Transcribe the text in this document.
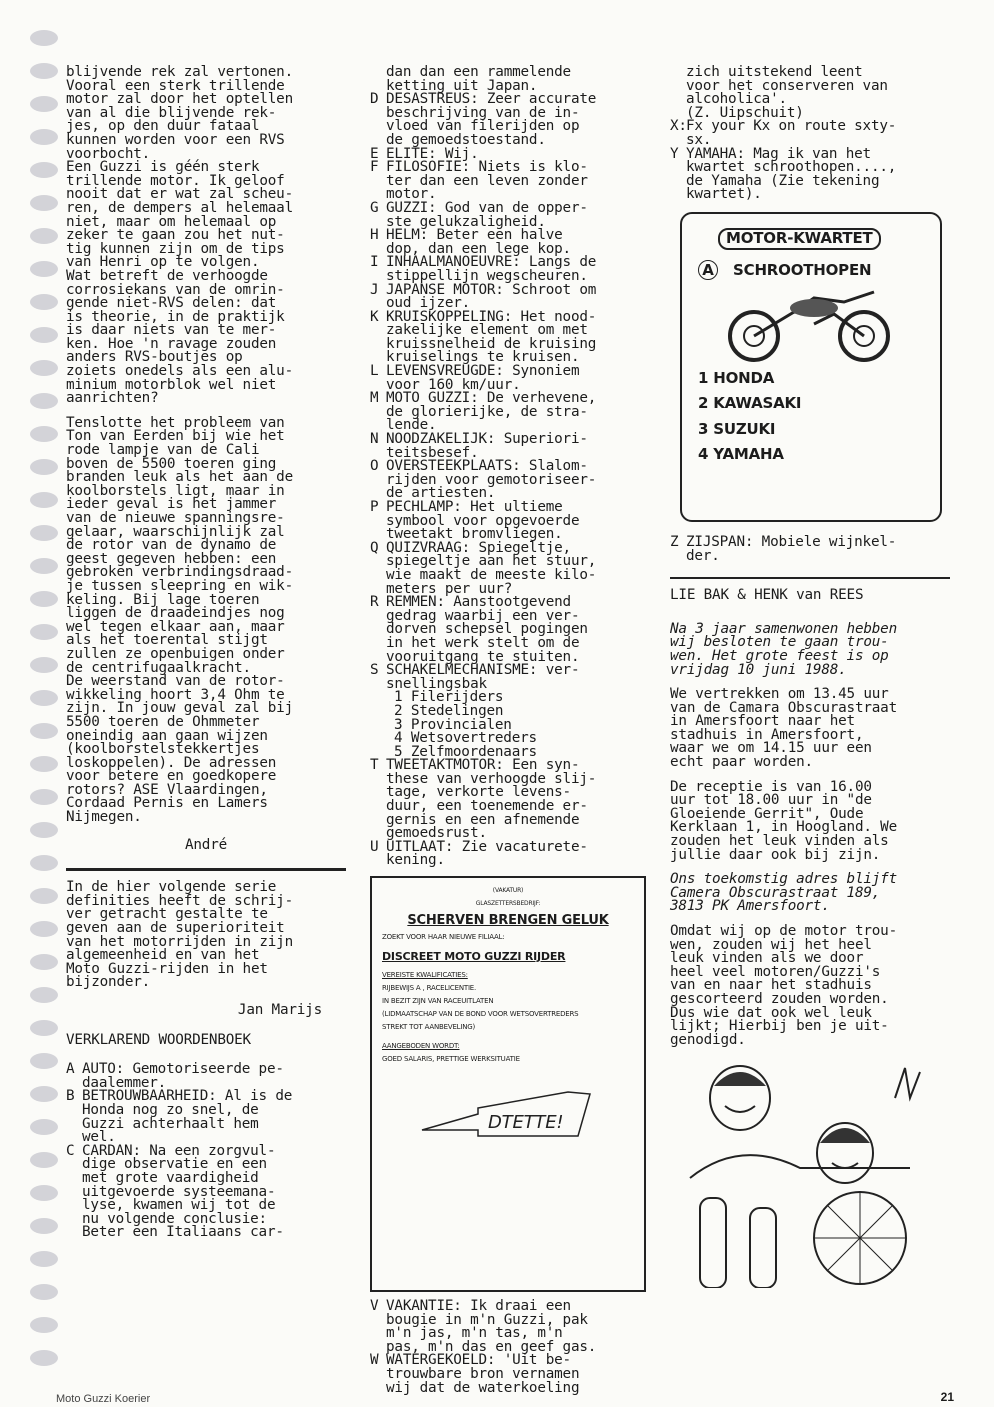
blijvende rek zal vertonen.
Vooral een sterk trillende
motor zal door het optellen
van al die blijvende rek-
jes, op den duur fataal
kunnen worden voor een RVS
voorbocht.
Een Guzzi is géén sterk
trillende motor. Ik geloof
nooit dat er wat zal scheu-
ren, de dempers al helemaal
niet, maar om helemaal op
zeker te gaan zou het nut-
tig kunnen zijn om de tips
van Henri op te volgen.
Wat betreft de verhoogde
corrosiekans van de omrin-
gende niet-RVS delen: dat
is theorie, in de praktijk
is daar niets van te mer-
ken. Hoe 'n ravage zouden
anders RVS-boutjes op
zoiets onedels als een alu-
minium motorblok wel niet
aanrichten?

Tenslotte het probleem van
Ton van Eerden bij wie het
rode lampje van de Cali
boven de 5500 toeren ging
branden leuk als het aan de
koolborstels ligt, maar in
ieder geval is het jammer
van de nieuwe spanningsre-
gelaar, waarschijnlijk zal
de rotor van de dynamo de
geest gegeven hebben: een
gebroken verbrindingsdraad-
je tussen sleepring en wik-
keling. Bij lage toeren
liggen de draadeindjes nog
wel tegen elkaar aan, maar
als het toerental stijgt
zullen ze openbuigen onder
de centrifugaalkracht.
De weerstand van de rotor-
wikkeling hoort 3,4 Ohm te
zijn. In jouw geval zal bij
5500 toeren de Ohmmeter
oneindig aan gaan wijzen
(koolborstelstekkertjes
loskoppelen). De adressen
voor betere en goedkopere
rotors? ASE Vlaardingen,
Cordaad Pernis en Lamers
Nijmegen.

André

In de hier volgende serie
definities heeft de schrij-
ver getracht gestalte te
geven aan de superioriteit
van het motorrijden in zijn
algemeenheid en van het
Moto Guzzi-rijden in het
bijzonder.

Jan Marijs

VERKLAREND WOORDENBOEK

A AUTO: Gemotoriseerde pe-
daalemmer.
B BETROUWBAARHEID: Al is de
Honda nog zo snel, de
Guzzi achterhaalt hem
wel.
C CARDAN: Na een zorgvul-
dige observatie en een
met grote vaardigheid
uitgevoerde systeemana-
lyse, kwamen wij tot de
nu volgende conclusie:
Beter een Italiaans car-
dan dan een rammelende
ketting uit Japan.
D DESASTREUS: Zeer accurate
beschrijving van de in-
vloed van filerijden op
de gemoedstoestand.
E ELITE: Wij.
F FILOSOFIE: Niets is klo-
ter dan een leven zonder
motor.
G GUZZI: God van de opper-
ste gelukzaligheid.
H HELM: Beter een halve
dop, dan een lege kop.
I INHAALMANOEUVRE: Langs de
stippellijn wegscheuren.
J JAPANSE MOTOR: Schroot om
oud ijzer.
K KRUISKOPPELING: Het nood-
zakelijke element om met
kruissnelheid de kruising
kruiselings te kruisen.
L LEVENSVREUGDE: Synoniem
voor 160 km/uur.
M MOTO GUZZI: De verhevene,
de glorierijke, de stra-
lende.
N NOODZAKELIJK: Superiori-
teitsbesef.
O OVERSTEEKPLAATS: Slalom-
rijden voor gemotoriseer-
de artiesten.
P PECHLAMP: Het ultieme
symbool voor opgevoerde
tweetakt bromvliegen.
Q QUIZVRAAG: Spiegeltje,
spiegeltje aan het stuur,
wie maakt de meeste kilo-
meters per uur?
R REMMEN: Aanstootgevend
gedrag waarbij een ver-
dorven schepsel pogingen
in het werk stelt om de
vooruitgang te stuiten.
S SCHAKELMECHANISME: ver-
snellingsbak
1 Filerijders
2 Stedelingen
3 Provincialen
4 Wetsovertreders
5 Zelfmoordenaars
T TWEETAKTMOTOR: Een syn-
these van verhoogde slij-
tage, verkorte levens-
duur, een toenemende er-
gernis en een afnemende
gemoedsrust.
U UITLAAT: Zie vacaturete-
kening.
(VAKATUR)
GLASZETTERSBEDRIJF:
SCHERVEN BRENGEN GELUK
ZOEKT VOOR HAAR NIEUWE FILIAAL:
DISCREET MOTO GUZZI RIJDER
VEREISTE KWALIFICATIES:
RIJBEWIJS A , RACELICENTIE.
IN BEZIT ZIJN VAN RACEUITLATEN
(LIDMAATSCHAP VAN DE BOND VOOR WETSOVERTREDERS
STREKT TOT AANBEVELING)
AANGEBODEN WORDT:
GOED SALARIS, PRETTIGE WERKSITUATIE
DTETTE!
V VAKANTIE: Ik draai een
bougie in m'n Guzzi, pak
m'n jas, m'n tas, m'n
pas, m'n das en geef gas.
W WATERGEKOELD: 'Uit be-
trouwbare bron vernamen
wij dat de waterkoeling
zich uitstekend leent
voor het conserveren van
alcoholica'.
(Z. Uipschuit)
X: Fx your Kx on route sxty-
sx.
Y YAMAHA: Mag ik van het
kwartet schroothopen....,
de Yamaha (Zie tekening
kwartet).
MOTOR-KWARTET
A SCHROOTHOPEN
1 HONDA
2 KAWASAKI
3 SUZUKI
4 YAMAHA
Z ZIJSPAN: Mobiele wijnkel-
der.

LIE BAK & HENK van REES

Na 3 jaar samenwonen hebben
wij besloten te gaan trou-
wen. Het grote feest is op
vrijdag 10 juni 1988.

We vertrekken om 13.45 uur
van de Camara Obscurastraat
in Amersfoort naar het
stadhuis in Amersfoort,
waar we om 14.15 uur een
echt paar worden.

De receptie is van 16.00
uur tot 18.00 uur in "de
Gloeiende Gerrit", Oude
Kerklaan 1, in Hoogland. We
zouden het leuk vinden als
jullie daar ook bij zijn.

Ons toekomstig adres blijft
Camera Obscurastraat 189,
3813 PK Amersfoort.

Omdat wij op de motor trou-
wen, zouden wij het heel
leuk vinden als we door
heel veel motoren/Guzzi's
van en naar het stadhuis
gescorteerd zouden worden.
Dus wie dat ook wel leuk
lijkt; Hierbij ben je uit-
genodigd.

21
Moto Guzzi Koerier
